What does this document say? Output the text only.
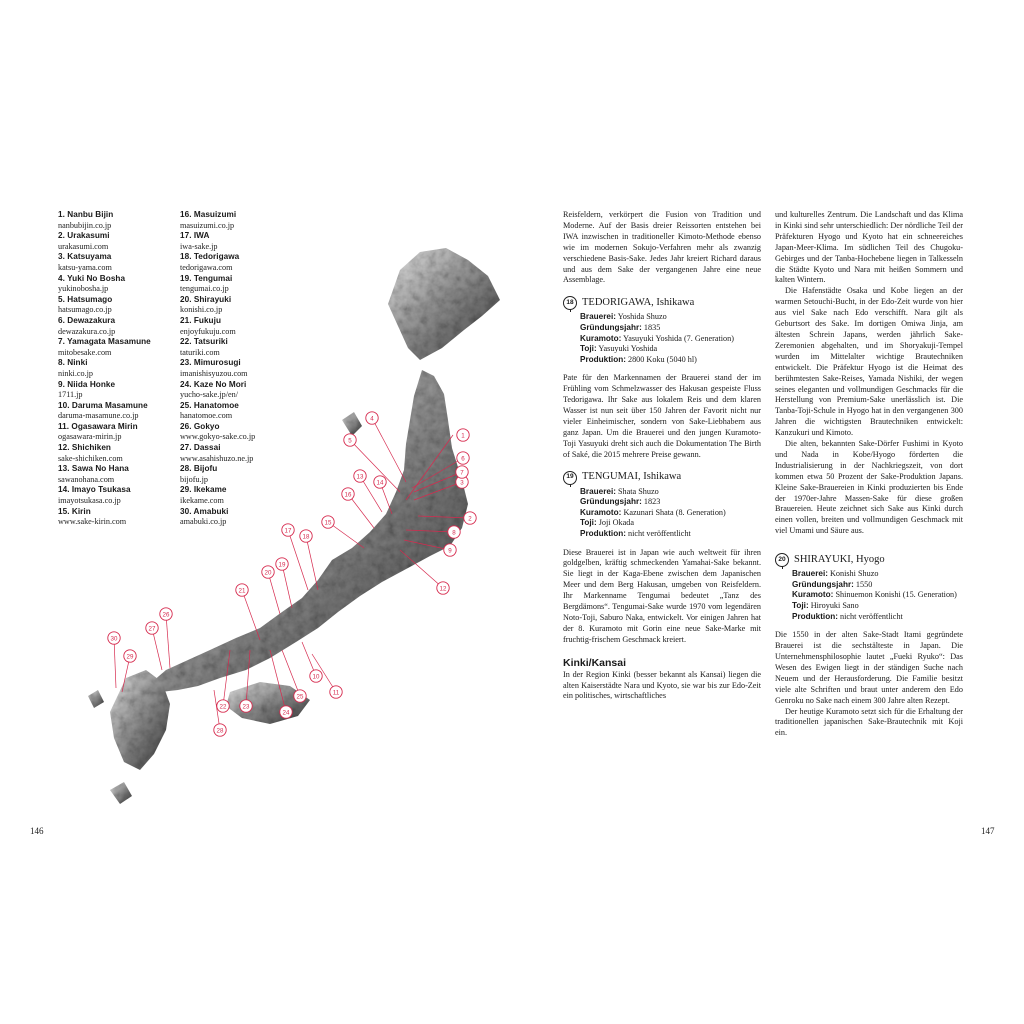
146	147
1. Nanbu Bijin
nanbubijin.co.jp
2. Urakasumi
urakasumi.com
3. Katsuyama
katsu-yama.com
4. Yuki No Bosha
yukinobosha.jp
5. Hatsumago
hatsumago.co.jp
6. Dewazakura
dewazakura.co.jp
7. Yamagata Masamune
mitobesake.com
8. Ninki
ninki.co.jp
9. Niida Honke
1711.jp
10. Daruma Masamune
daruma-masamune.co.jp
11. Ogasawara Mirin
ogasawara-mirin.jp
12. Shichiken
sake-shichiken.com
13. Sawa No Hana
sawanohana.com
14. Imayo Tsukasa
imayotsukasa.co.jp
15. Kirin
www.sake-kirin.com
16. Masuizumi
masuizumi.co.jp
17. IWA
iwa-sake.jp
18. Tedorigawa
tedorigawa.com
19. Tengumai
tengumai.co.jp
20. Shirayuki
konishi.co.jp
21. Fukuju
enjoyfukuju.com
22. Tatsuriki
taturiki.com
23. Mimurosugi
imanishisyuzou.com
24. Kaze No Mori
yucho-sake.jp/en/
25. Hanatomoe
hanatomoe.com
26. Gokyo
www.gokyo-sake.co.jp
27. Dassai
www.asahishuzo.ne.jp
28. Bijofu
bijofu.jp
29. Ikekame
ikekame.com
30. Amabuki
amabuki.co.jp
1
2
3
4
5
6
7
8
9
10
11
12
13
14
15
16
17
18
19
20
21
22	23
24
25
26
27
28
29
30

Reisfeldern, verkörpert die Fusion von Tradition und Moderne. Auf der Basis dreier Reissorten entstehen bei IWA inzwischen in traditioneller Kimoto-Methode ebenso wie im modernen Sokujo-Verfahren mehr als zwanzig verschiedene Basis-Sake. Jedes Jahr kreiert Richard daraus und aus dem Sake der vergangenen Jahre eine neue Assemblage.

18 TEDORIGAWA, Ishikawa
Brauerei: Yoshida Shuzo
Gründungsjahr: 1835
Kuramoto: Yasuyuki Yoshida (7. Generation)
Toji: Yasuyuki Yoshida
Produktion: 2800 Koku (5040 hl)

Pate für den Markennamen der Brauerei stand der im Frühling vom Schmelzwasser des Hakusan gespeiste Fluss Tedorigawa. Ihr Sake aus lokalem Reis und dem klaren Wasser ist nun seit über 150 Jahren der Favorit nicht nur vieler Einheimischer, sondern von Sake-Liebhabern aus ganz Japan. Um die Brauerei und den jungen Kuramoto-Toji Yasuyuki dreht sich auch die Dokumentation The Birth of Saké, die 2015 mehrere Preise gewann.

19 TENGUMAI, Ishikawa
Brauerei: Shata Shuzo
Gründungsjahr: 1823
Kuramoto: Kazunari Shata (8. Generation)
Toji: Joji Okada
Produktion: nicht veröffentlicht

Diese Brauerei ist in Japan wie auch weltweit für ihren goldgelben, kräftig schmeckenden Yamahai-Sake bekannt. Sie liegt in der Kaga-Ebene zwischen dem Japanischen Meer und dem Berg Hakusan, umgeben von Reisfeldern. Ihr Markenname Tengumai bedeutet „Tanz des Bergdämons“. Tengumai-Sake wurde 1970 vom legendären Noto-Toji, Saburo Naka, entwickelt. Vor einigen Jahren hat der 8. Kuramoto mit Gorin eine neue Sake-Marke mit fruchtig-frischem Geschmack kreiert.

Kinki/Kansai

In der Region Kinki (besser bekannt als Kansai) liegen die alten Kaiserstädte Nara und Kyoto, sie war bis zur Edo-Zeit ein politisches, wirtschaftliches

und kulturelles Zentrum. Die Landschaft und das Klima in Kinki sind sehr unterschiedlich: Der nördliche Teil der Präfekturen Hyogo und Kyoto hat ein schneereiches Japan-Meer-Klima. Im südlichen Teil des Chugoku-Gebirges und der Tanba-Hochebene liegen in Talkesseln die Städte Kyoto und Nara mit heißen Sommern und kalten Wintern.

Die Hafenstädte Osaka und Kobe liegen an der warmen Setouchi-Bucht, in der Edo-Zeit wurde von hier aus viel Sake nach Edo verschifft. Nara gilt als Geburtsort des Sake. Im dortigen Omiwa Jinja, am ältesten Schrein Japans, werden jährlich Sake-Zeremonien abgehalten, und im Shoryakuji-Tempel wurden im Mittelalter wichtige Brautechniken entwickelt. Die Präfektur Hyogo ist die Heimat des berühmtesten Sake-Reises, Yamada Nishiki, der wegen seines eleganten und vollmundigen Geschmacks für die Herstellung von Premium-Sake unerlässlich ist. Die Tanba-Toji-Schule in Hyogo hat in den vergangenen 300 Jahren die wichtigsten Brautechniken entwickelt: Kanzukuri und Kimoto.

Die alten, bekannten Sake-Dörfer Fushimi in Kyoto und Nada in Kobe/Hyogo förderten die Industrialisierung in der Nachkriegszeit, von dort kommen etwa 50 Prozent der Sake-Produktion Japans. Kleine Sake-Brauereien in Kinki produzierten bis Ende der 1970er-Jahre Massen-Sake für diese großen Brauereien. Heute zeichnet sich Sake aus Kinki durch einen vollen, breiten und vollmundigen Geschmack mit viel Umami und Säure aus.

20 SHIRAYUKI, Hyogo
Brauerei: Konishi Shuzo
Gründungsjahr: 1550
Kuramoto: Shinuemon Konishi (15. Generation)
Toji: Hiroyuki Sano
Produktion: nicht veröffentlicht

Die 1550 in der alten Sake-Stadt Itami gegründete Brauerei ist die sechstälteste in Japan. Die Unternehmensphilosophie lautet „Fueki Ryuko“: Das Wesen des Ewigen liegt in der ständigen Suche nach Neuem und der Herausforderung. Die Familie besitzt viele alte Schriften und braut unter anderem den Edo Genroku no Sake nach einem 300 Jahre alten Rezept.

Der heutige Kuramoto setzt sich für die Erhaltung der traditionellen japanischen Sake-Brautechnik mit Koji ein.
